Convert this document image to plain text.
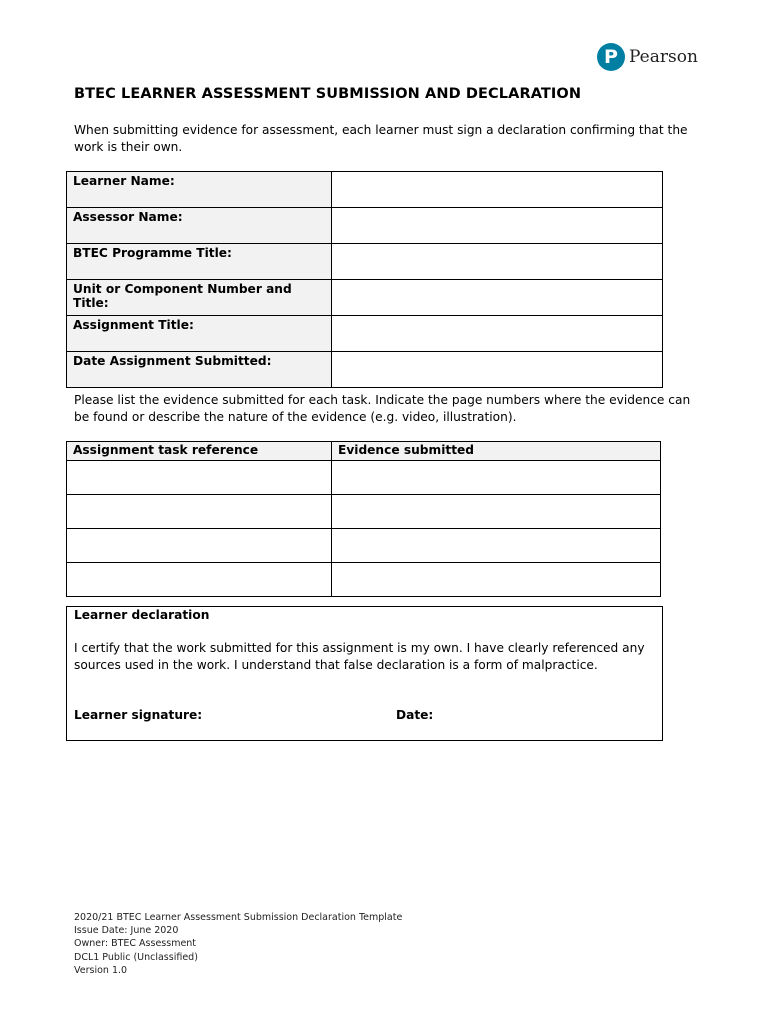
P Pearson
BTEC LEARNER ASSESSMENT SUBMISSION AND DECLARATION
When submitting evidence for assessment, each learner must sign a declaration confirming that the work is their own.
Learner Name:	
Assessor Name:	
BTEC Programme Title:	
Unit or Component Number and Title:	
Assignment Title:	
Date Assignment Submitted:	
Please list the evidence submitted for each task. Indicate the page numbers where the evidence can be found or describe the nature of the evidence (e.g. video, illustration).
Assignment task reference	Evidence submitted

Learner declaration
I certify that the work submitted for this assignment is my own. I have clearly referenced any sources used in the work. I understand that false declaration is a form of malpractice.
Learner signature:	Date:
2020/21 BTEC Learner Assessment Submission Declaration Template
Issue Date: June 2020
Owner: BTEC Assessment
DCL1 Public (Unclassified)
Version 1.0
